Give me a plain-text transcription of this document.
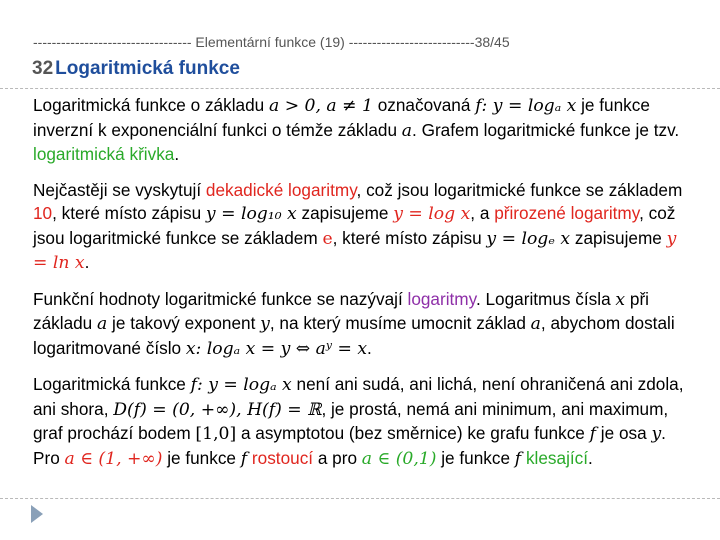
---------------------------------- Elementární funkce (19) ---------------------------38/45
32 Logaritmická funkce

Logaritmická funkce o základu a > 0, a ≠ 1 označovaná f: y = logₐ x je funkce inverzní k exponenciální funkci o témže základu a. Grafem logaritmické funkce je tzv. logaritmická křivka.

Nejčastěji se vyskytují dekadické logaritmy, což jsou logaritmické funkce se základem 10, které místo zápisu y = log₁₀ x zapisujeme y = log x, a přirozené logaritmy, což jsou logaritmické funkce se základem e, které místo zápisu y = logₑ x zapisujeme y = ln x.

Funkční hodnoty logaritmické funkce se nazývají logaritmy. Logaritmus čísla x při základu a je takový exponent y, na který musíme umocnit základ a, abychom dostali logaritmované číslo x: logₐ x = y ⇔ aʸ = x.

Logaritmická funkce f: y = logₐ x není ani sudá, ani lichá, není ohraničená ani zdola, ani shora, D(f) = (0, +∞), H(f) = ℝ, je prostá, nemá ani minimum, ani maximum, graf prochází bodem [1,0] a asymptotou (bez směrnice) ke grafu funkce f je osa y. Pro a ∈ (1, +∞) je funkce f rostoucí a pro a ∈ (0,1) je funkce f klesající.
